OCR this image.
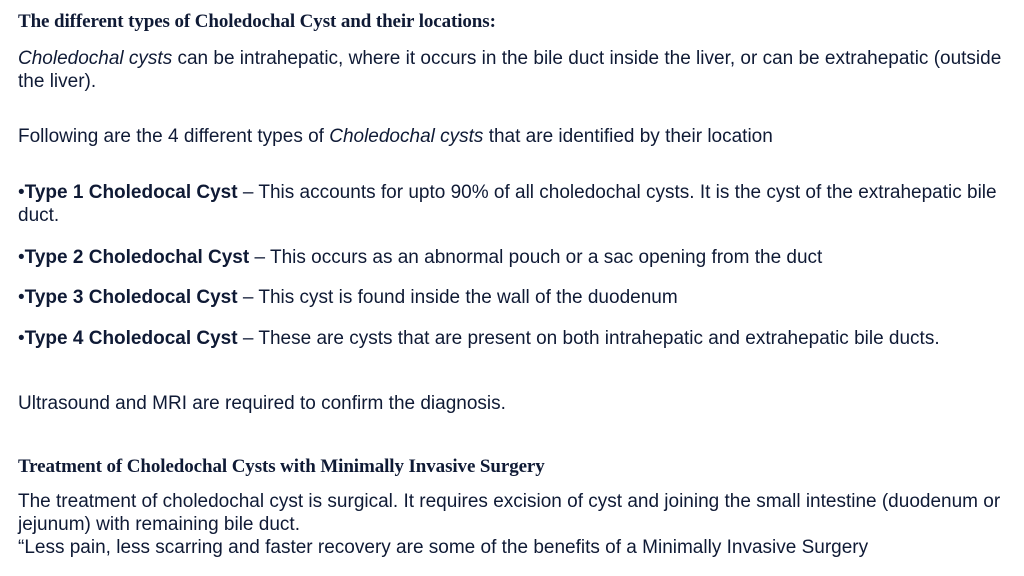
The different types of Choledochal Cyst and their locations:

Choledochal cysts can be intrahepatic, where it occurs in the bile duct inside the liver, or can be extrahepatic (outside the liver).

Following are the 4 different types of Choledochal cysts that are identified by their location

•Type 1 Choledocal Cyst – This accounts for upto 90% of all choledochal cysts. It is the cyst of the extrahepatic bile duct.

•Type 2 Choledochal Cyst – This occurs as an abnormal pouch or a sac opening from the duct

•Type 3 Choledocal Cyst – This cyst is found inside the wall of the duodenum

•Type 4 Choledocal Cyst – These are cysts that are present on both intrahepatic and extrahepatic bile ducts.

Ultrasound and MRI are required to confirm the diagnosis.

Treatment of Choledochal Cysts with Minimally Invasive Surgery
The treatment of choledochal cyst is surgical. It requires excision of cyst and joining the small intestine (duodenum or jejunum) with remaining bile duct.
“Less pain, less scarring and faster recovery are some of the benefits of a Minimally Invasive Surgery
